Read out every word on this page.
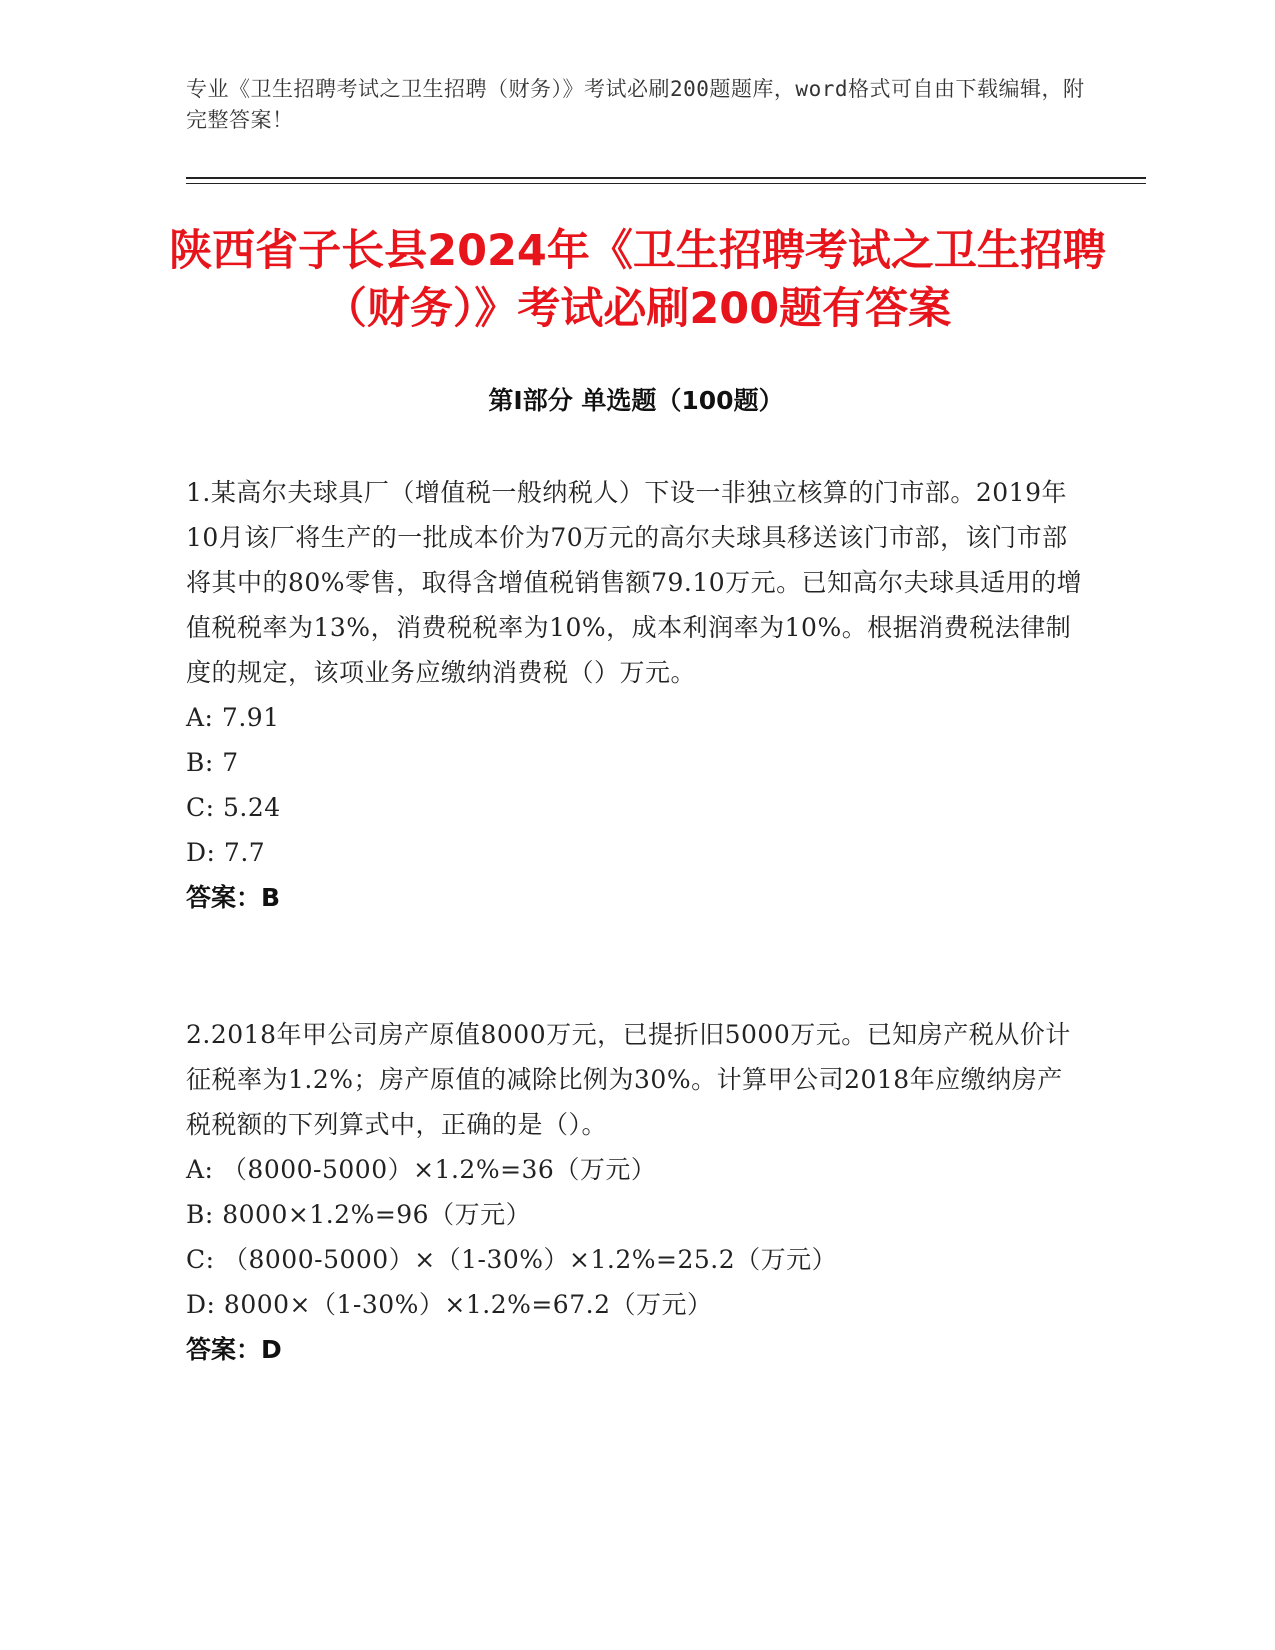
专业《卫生招聘考试之卫生招聘（财务）》考试必刷200题题库，word格式可自由下载编辑，附完整答案！
陕西省子长县2024年《卫生招聘考试之卫生招聘（财务）》考试必刷200题有答案
第Ⅰ部分 单选题（100题）

1.某高尔夫球具厂（增值税一般纳税人）下设一非独立核算的门市部。2019年10月该厂将生产的一批成本价为70万元的高尔夫球具移送该门市部，该门市部将其中的80%零售，取得含增值税销售额79.10万元。已知高尔夫球具适用的增值税税率为13%，消费税税率为10%，成本利润率为10%。根据消费税法律制度的规定，该项业务应缴纳消费税（）万元。

A: 7.91
B: 7
C: 5.24
D: 7.7
答案：B

2.2018年甲公司房产原值8000万元，已提折旧5000万元。已知房产税从价计征税率为1.2%；房产原值的减除比例为30%。计算甲公司2018年应缴纳房产税税额的下列算式中，正确的是（）。

A: （8000-5000）×1.2%=36（万元）
B: 8000×1.2%=96（万元）
C: （8000-5000）×（1-30%）×1.2%=25.2（万元）
D: 8000×（1-30%）×1.2%=67.2（万元）
答案：D
